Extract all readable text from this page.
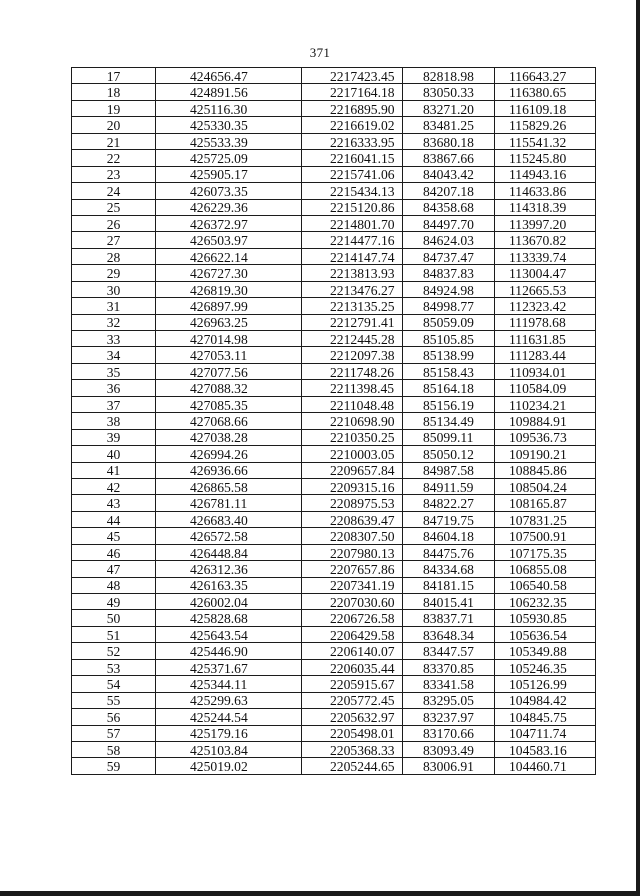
371
17	424656.47	2217423.45	82818.98	116643.27
18	424891.56	2217164.18	83050.33	116380.65
19	425116.30	2216895.90	83271.20	116109.18
20	425330.35	2216619.02	83481.25	115829.26
21	425533.39	2216333.95	83680.18	115541.32
22	425725.09	2216041.15	83867.66	115245.80
23	425905.17	2215741.06	84043.42	114943.16
24	426073.35	2215434.13	84207.18	114633.86
25	426229.36	2215120.86	84358.68	114318.39
26	426372.97	2214801.70	84497.70	113997.20
27	426503.97	2214477.16	84624.03	113670.82
28	426622.14	2214147.74	84737.47	113339.74
29	426727.30	2213813.93	84837.83	113004.47
30	426819.30	2213476.27	84924.98	112665.53
31	426897.99	2213135.25	84998.77	112323.42
32	426963.25	2212791.41	85059.09	111978.68
33	427014.98	2212445.28	85105.85	111631.85
34	427053.11	2212097.38	85138.99	111283.44
35	427077.56	2211748.26	85158.43	110934.01
36	427088.32	2211398.45	85164.18	110584.09
37	427085.35	2211048.48	85156.19	110234.21
38	427068.66	2210698.90	85134.49	109884.91
39	427038.28	2210350.25	85099.11	109536.73
40	426994.26	2210003.05	85050.12	109190.21
41	426936.66	2209657.84	84987.58	108845.86
42	426865.58	2209315.16	84911.59	108504.24
43	426781.11	2208975.53	84822.27	108165.87
44	426683.40	2208639.47	84719.75	107831.25
45	426572.58	2208307.50	84604.18	107500.91
46	426448.84	2207980.13	84475.76	107175.35
47	426312.36	2207657.86	84334.68	106855.08
48	426163.35	2207341.19	84181.15	106540.58
49	426002.04	2207030.60	84015.41	106232.35
50	425828.68	2206726.58	83837.71	105930.85
51	425643.54	2206429.58	83648.34	105636.54
52	425446.90	2206140.07	83447.57	105349.88
53	425371.67	2206035.44	83370.85	105246.35
54	425344.11	2205915.67	83341.58	105126.99
55	425299.63	2205772.45	83295.05	104984.42
56	425244.54	2205632.97	83237.97	104845.75
57	425179.16	2205498.01	83170.66	104711.74
58	425103.84	2205368.33	83093.49	104583.16
59	425019.02	2205244.65	83006.91	104460.71
